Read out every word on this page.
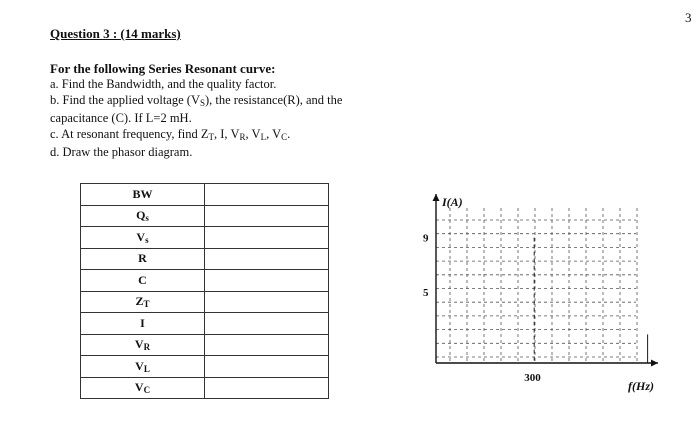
3
Question 3 : (14 marks)
For the following Series Resonant curve:
a. Find the Bandwidth, and the quality factor.
b. Find the applied voltage $(V_S)$, the resistance(R), and the
capacitance (C). If L=2 mH.
c. At resonant frequency, find $Z_T$, I, $V_R$, $V_L$, $V_C$.
d. Draw the phasor diagram.
BW	
$Q_s$	
$V_s$	
R	
C	
$Z_T$	
I	
$V_R$	
$V_L$	
$V_C$	
I(A)
f(Hz)
300
9
5
